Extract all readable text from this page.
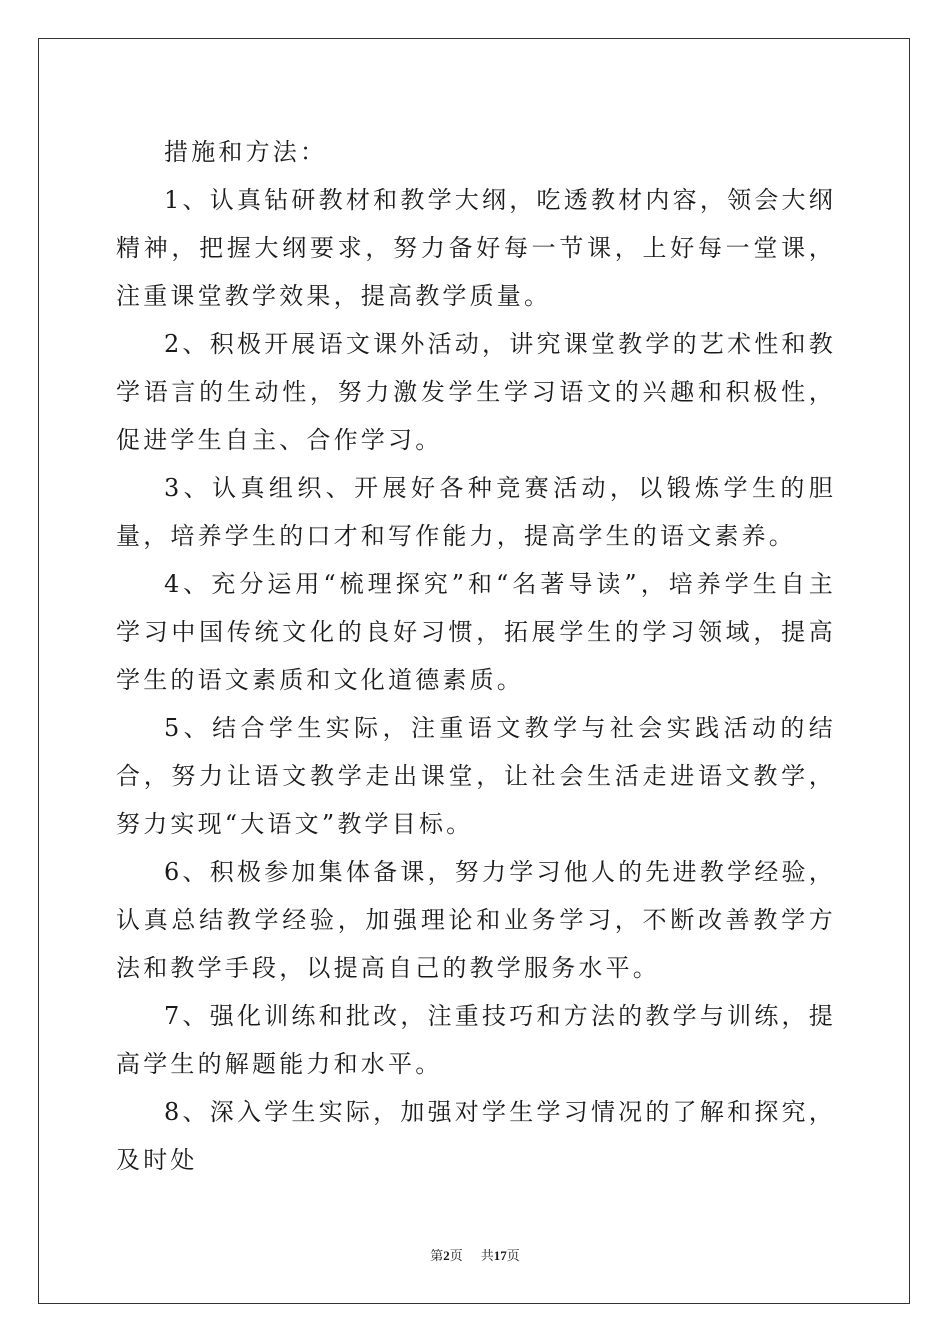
措施和方法：

1、认真钻研教材和教学大纲，吃透教材内容，领会大纲精神，把握大纲要求，努力备好每一节课，上好每一堂课，注重课堂教学效果，提高教学质量。

2、积极开展语文课外活动，讲究课堂教学的艺术性和教学语言的生动性，努力激发学生学习语文的兴趣和积极性，促进学生自主、合作学习。

3、认真组织、开展好各种竞赛活动，以锻炼学生的胆量，培养学生的口才和写作能力，提高学生的语文素养。

4、充分运用“梳理探究”和“名著导读”，培养学生自主学习中国传统文化的良好习惯，拓展学生的学习领域，提高学生的语文素质和文化道德素质。

5、结合学生实际，注重语文教学与社会实践活动的结合，努力让语文教学走出课堂，让社会生活走进语文教学，努力实现“大语文”教学目标。

6、积极参加集体备课，努力学习他人的先进教学经验，认真总结教学经验，加强理论和业务学习，不断改善教学方法和教学手段，以提高自己的教学服务水平。

7、强化训练和批改，注重技巧和方法的教学与训练，提高学生的解题能力和水平。

8、深入学生实际，加强对学生学习情况的了解和探究，及时处

第2页 共17页
